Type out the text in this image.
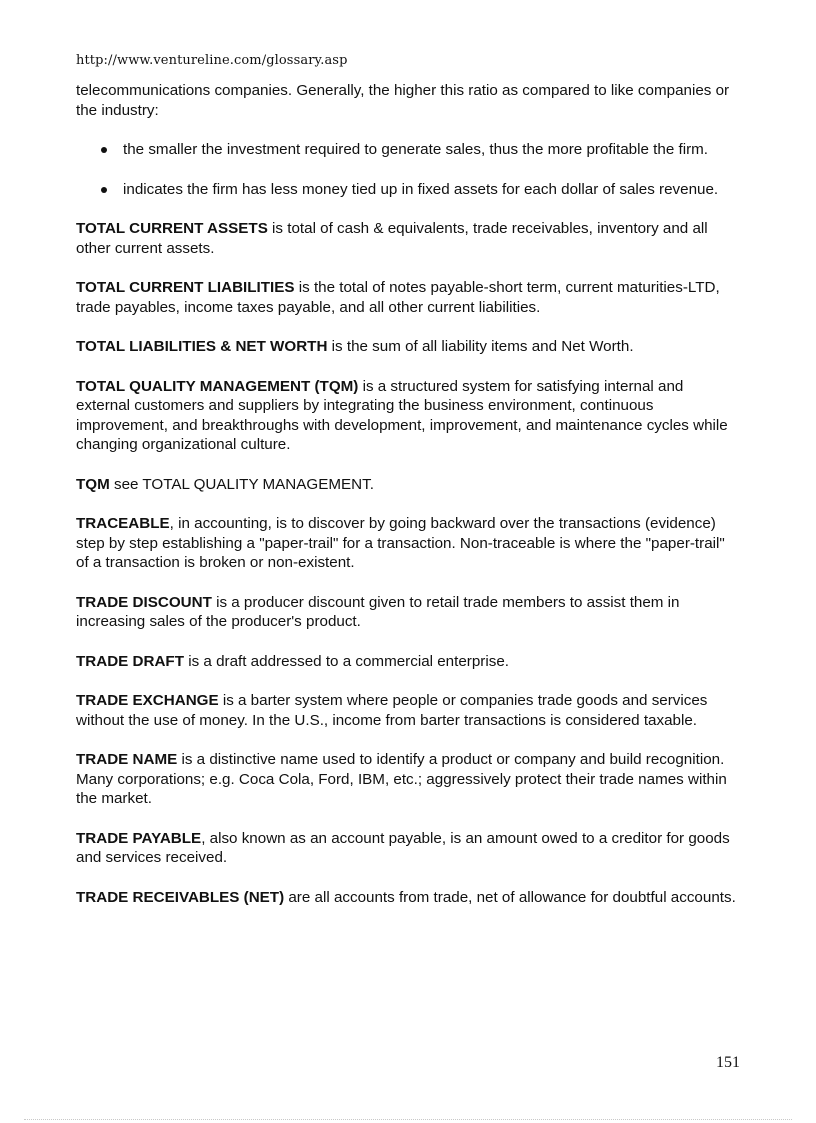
http://www.ventureline.com/glossary.asp

telecommunications companies. Generally, the higher this ratio as compared to like companies or the industry:

the smaller the investment required to generate sales, thus the more profitable the firm.
indicates the firm has less money tied up in fixed assets for each dollar of sales revenue.

TOTAL CURRENT ASSETS is total of cash & equivalents, trade receivables, inventory and all other current assets.

TOTAL CURRENT LIABILITIES is the total of notes payable-short term, current maturities-LTD, trade payables, income taxes payable, and all other current liabilities.

TOTAL LIABILITIES & NET WORTH is the sum of all liability items and Net Worth.

TOTAL QUALITY MANAGEMENT (TQM) is a structured system for satisfying internal and external customers and suppliers by integrating the business environment, continuous improvement, and breakthroughs with development, improvement, and maintenance cycles while changing organizational culture.

TQM see TOTAL QUALITY MANAGEMENT.

TRACEABLE, in accounting, is to discover by going backward over the transactions (evidence) step by step establishing a "paper-trail" for a transaction. Non-traceable is where the "paper-trail" of a transaction is broken or non-existent.

TRADE DISCOUNT is a producer discount given to retail trade members to assist them in increasing sales of the producer's product.

TRADE DRAFT is a draft addressed to a commercial enterprise.

TRADE EXCHANGE is a barter system where people or companies trade goods and services without the use of money. In the U.S., income from barter transactions is considered taxable.

TRADE NAME is a distinctive name used to identify a product or company and build recognition. Many corporations; e.g. Coca Cola, Ford, IBM, etc.; aggressively protect their trade names within the market.

TRADE PAYABLE, also known as an account payable, is an amount owed to a creditor for goods and services received.

TRADE RECEIVABLES (NET) are all accounts from trade, net of allowance for doubtful accounts.

151
